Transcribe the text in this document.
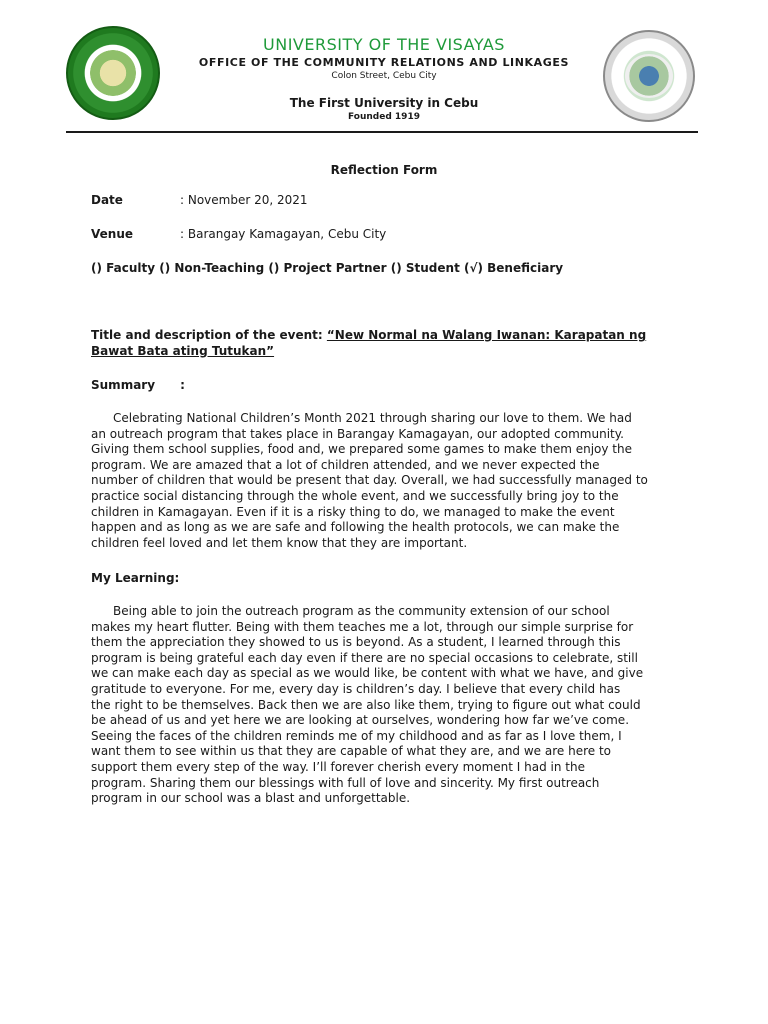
UNIVERSITY OF THE VISAYAS
OFFICE OF THE COMMUNITY RELATIONS AND LINKAGES
Colon Street, Cebu City
The First University in Cebu
Founded 1919
Reflection Form
Date	: November 20, 2021
Venue	: Barangay Kamagayan, Cebu City
() Faculty () Non-Teaching () Project Partner () Student (√) Beneficiary
Title and description of the event: “New Normal na Walang Iwanan: Karapatan ng
Bawat Bata ating Tutukan”
Summary      :
Celebrating National Children’s Month 2021 through sharing our love to them. We had
an outreach program that takes place in Barangay Kamagayan, our adopted community.
Giving them school supplies, food and, we prepared some games to make them enjoy the
program. We are amazed that a lot of children attended, and we never expected the
number of children that would be present that day. Overall, we had successfully managed to
practice social distancing through the whole event, and we successfully bring joy to the
children in Kamagayan. Even if it is a risky thing to do, we managed to make the event
happen and as long as we are safe and following the health protocols, we can make the
children feel loved and let them know that they are important.
My Learning:
Being able to join the outreach program as the community extension of our school
makes my heart flutter. Being with them teaches me a lot, through our simple surprise for
them the appreciation they showed to us is beyond. As a student, I learned through this
program is being grateful each day even if there are no special occasions to celebrate, still
we can make each day as special as we would like, be content with what we have, and give
gratitude to everyone. For me, every day is children’s day. I believe that every child has
the right to be themselves. Back then we are also like them, trying to figure out what could
be ahead of us and yet here we are looking at ourselves, wondering how far we’ve come.
Seeing the faces of the children reminds me of my childhood and as far as I love them, I
want them to see within us that they are capable of what they are, and we are here to
support them every step of the way. I’ll forever cherish every moment I had in the
program. Sharing them our blessings with full of love and sincerity. My first outreach
program in our school was a blast and unforgettable.
